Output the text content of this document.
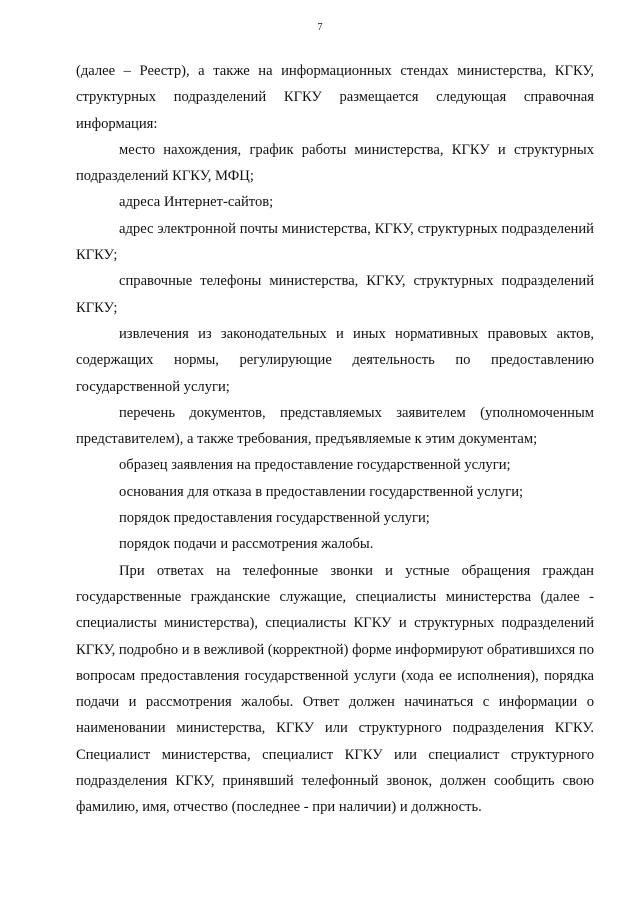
7

(далее – Реестр), а также на информационных стендах министерства, КГКУ, структурных подразделений КГКУ размещается следующая справочная информация:

место нахождения, график работы министерства, КГКУ и структурных подразделений КГКУ, МФЦ;

адреса Интернет-сайтов;

адрес электронной почты министерства, КГКУ, структурных подразделений КГКУ;

справочные телефоны министерства, КГКУ, структурных подразделений КГКУ;

извлечения из законодательных и иных нормативных правовых актов, содержащих нормы, регулирующие деятельность по предоставлению государственной услуги;

перечень документов, представляемых заявителем (уполномоченным представителем), а также требования, предъявляемые к этим документам;

образец заявления на предоставление государственной услуги;

основания для отказа в предоставлении государственной услуги;

порядок предоставления государственной услуги;

порядок подачи и рассмотрения жалобы.

При ответах на телефонные звонки и устные обращения граждан государственные гражданские служащие, специалисты министерства (далее - специалисты министерства), специалисты КГКУ и структурных подразделений КГКУ, подробно и в вежливой (корректной) форме информируют обратившихся по вопросам предоставления государственной услуги (хода ее исполнения), порядка подачи и рассмотрения жалобы. Ответ должен начинаться с информации о наименовании министерства, КГКУ или структурного подразделения КГКУ. Специалист министерства, специалист КГКУ или специалист структурного подразделения КГКУ, принявший телефонный звонок, должен сообщить свою фамилию, имя, отчество (последнее - при наличии) и должность.
